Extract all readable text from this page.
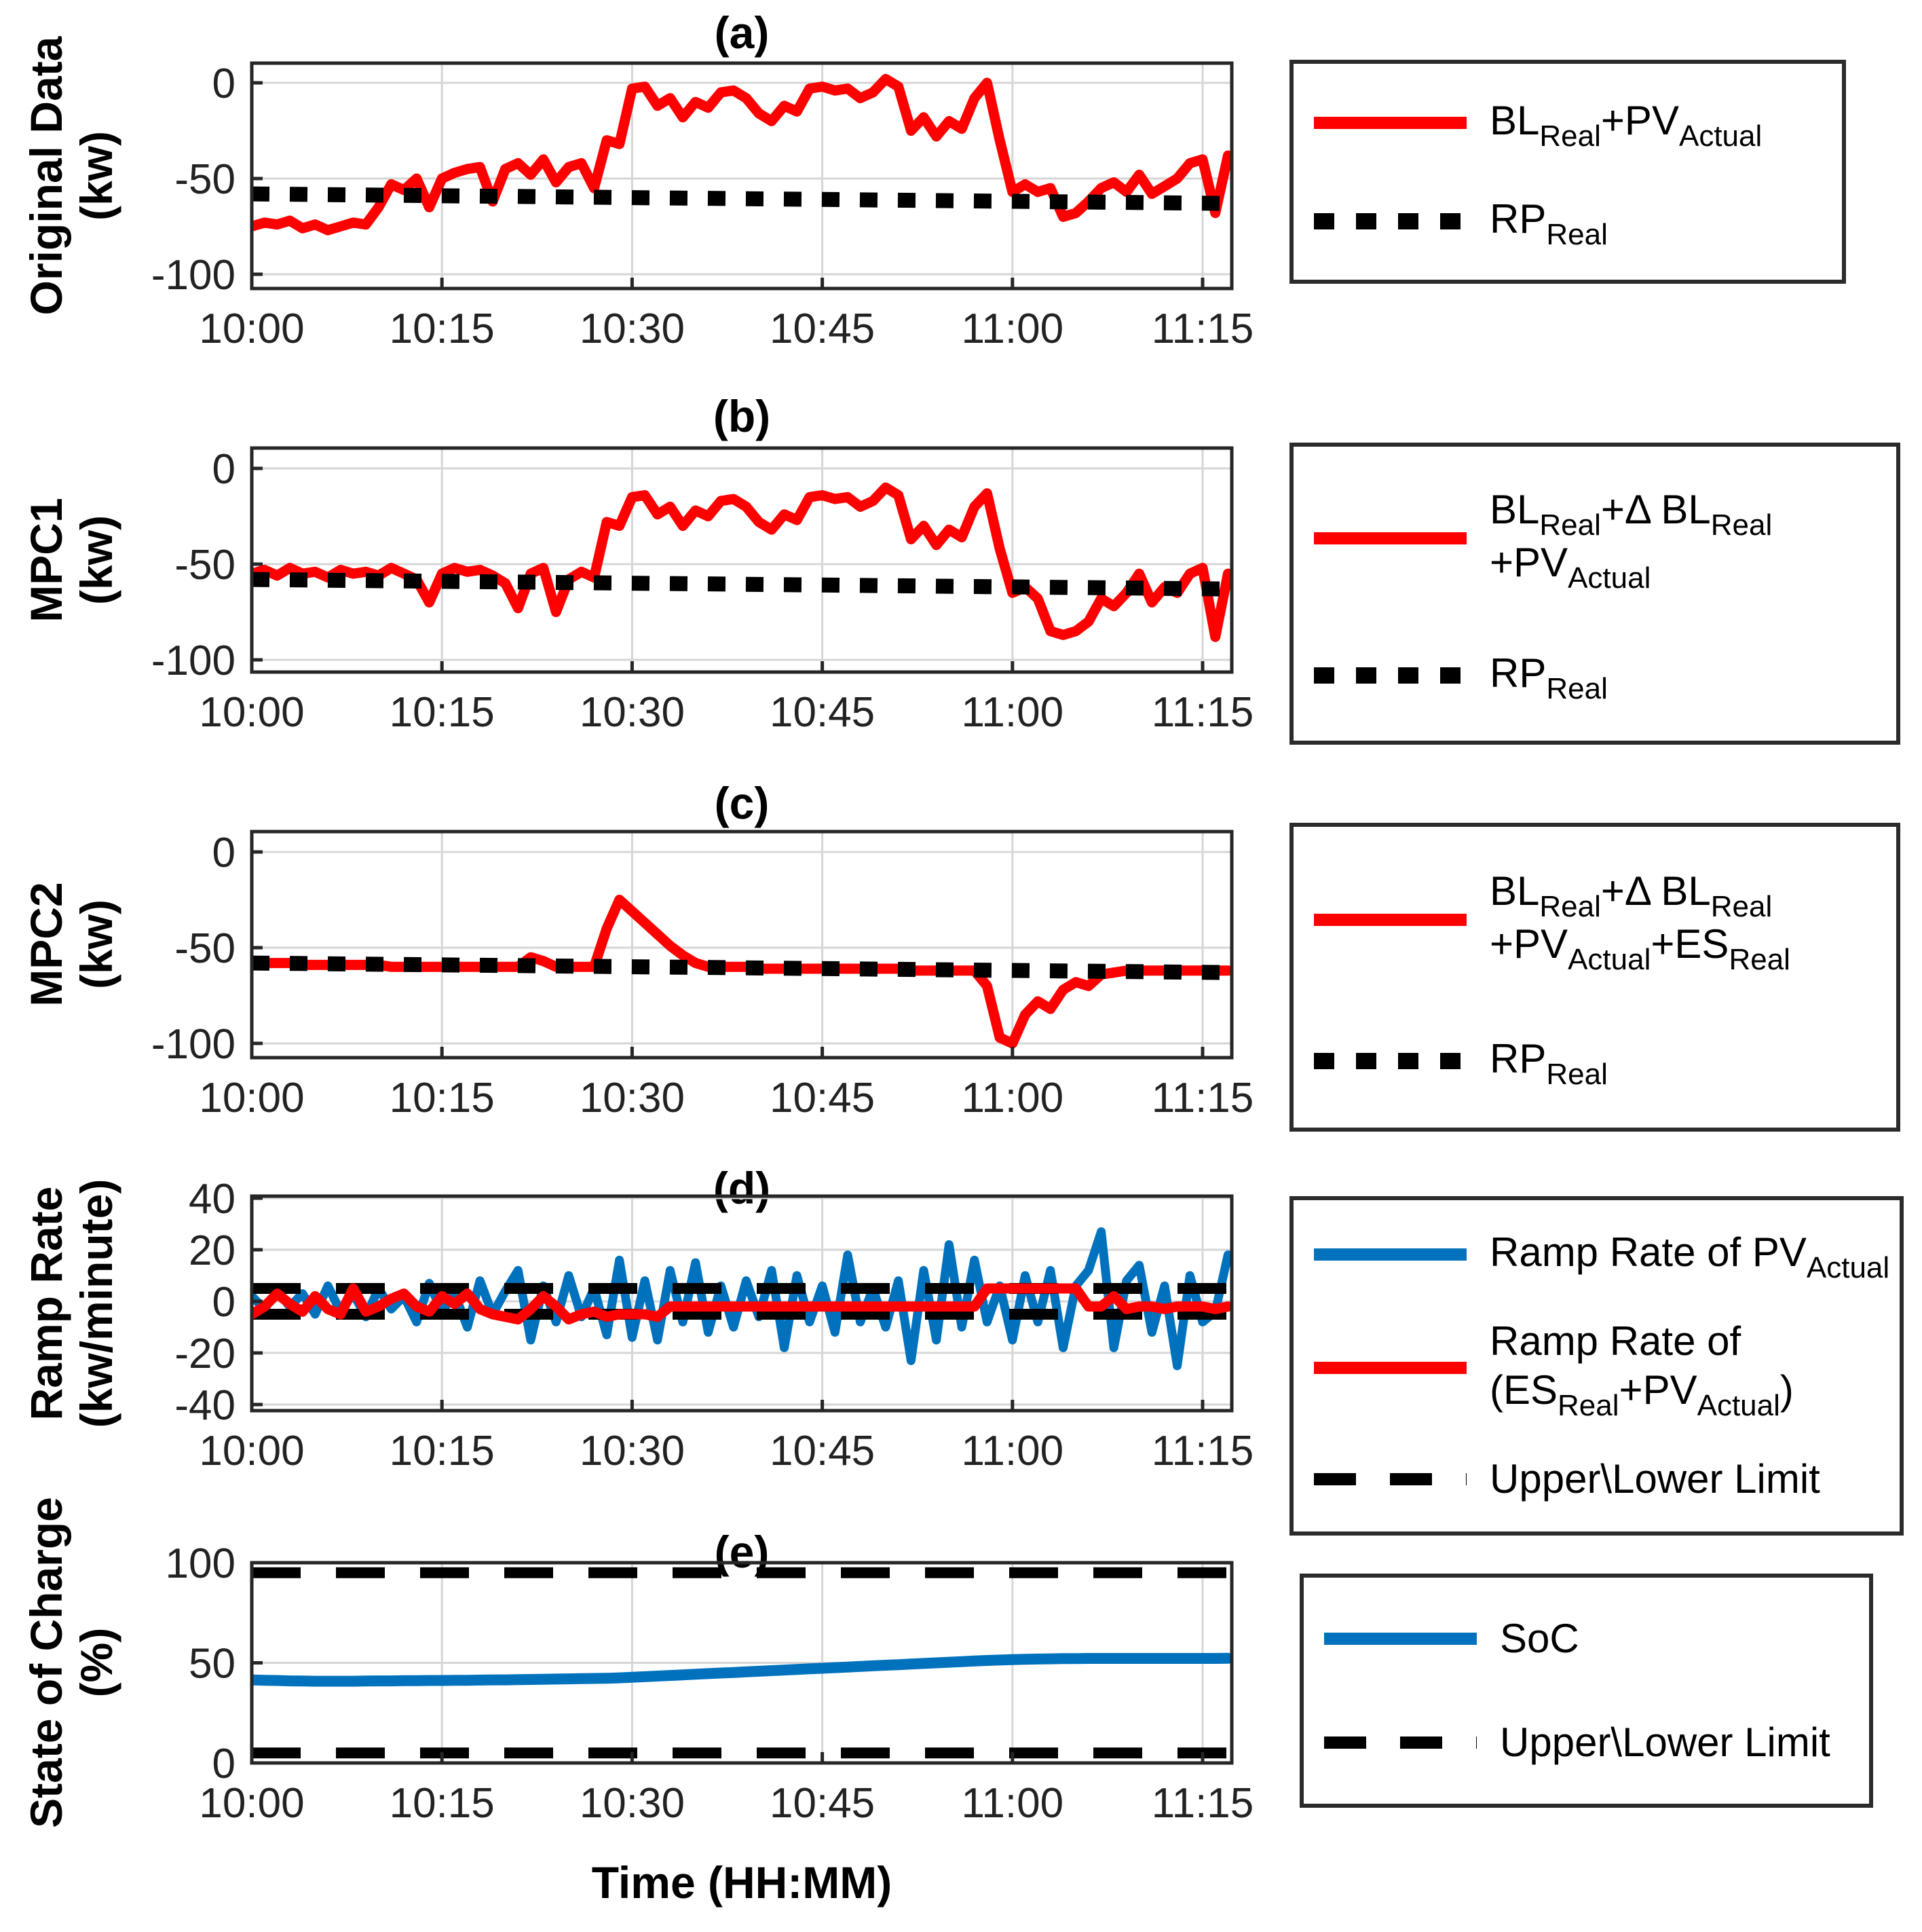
(a)
(b)
(c)
(d)
(e)
Original Data (kw)
MPC1 (kw)
MPC2 (kw)
Ramp Rate (kw/minute)
State of Charge (%)
10:00 10:15 10:30 10:45 11:00 11:15
0
-50
-100
10:00 10:15 10:30 10:45 11:00 11:15
0
-50
-100
10:00 10:15 10:30 10:45 11:00 11:15
0
-50
-100
10:00 10:15 10:30 10:45 11:00 11:15
40
20
0
-20
-40
10:00 10:15 10:30 10:45 11:00 11:15
100
50
0
$BL_{Real}+PV_{Actual}$
$RP_{Real}$
$BL_{Real}+\Delta$ $BL_{Real}$
$+PV_{Actual}$
$RP_{Real}$
$BL_{Real}+\Delta$ $BL_{Real}$
$+PV_{Actual}+ES_{Real}$
$RP_{Real}$
Ramp Rate of $PV_{Actual}$
Ramp Rate of
$(ES_{Real}+PV_{Actual})$
Upper\Lower Limit
SoC
Upper\Lower Limit
Time (HH:MM)
